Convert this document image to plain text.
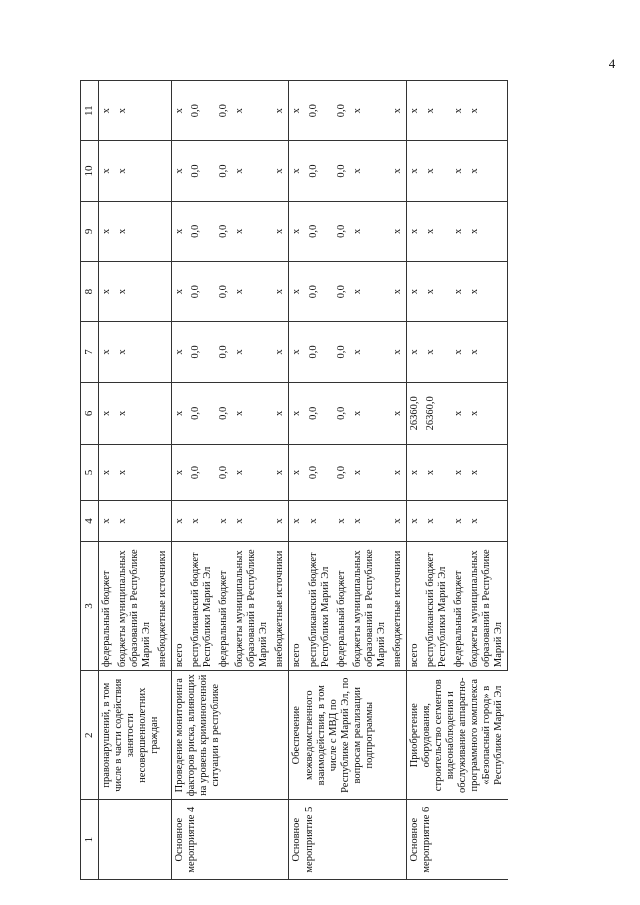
4
1	2	3	4	5	6	7	8	9	10	11
	правонарушений, в том числе в части содействия занятости несовершеннолетних граждан	федеральный бюджет	x	x	x	x	x	x	x	x
		бюджеты муниципальных образований в Республике Марий Эл	x	x	x	x	x	x	x	x
		внебюджетные источники								
Основное мероприятие 4	Проведение мониторинга факторов риска, влияющих на уровень криминогенной ситуации в республике	всего	x	x	x	x	x	x	x	x
		республиканский бюджет Республики Марий Эл	x	0,0	0,0	0,0	0,0	0,0	0,0	0,0
		федеральный бюджет	x	0,0	0,0	0,0	0,0	0,0	0,0	0,0
		бюджеты муниципальных образований в Республике Марий Эл	x	x	x	x	x	x	x	x
		внебюджетные источники	x	x	x	x	x	x	x	x
Основное мероприятие 5	Обеспечение межведомственного взаимодействия, в том числе с МВД по Республике Марий Эл, по вопросам реализации подпрограммы	всего	x	x	x	x	x	x	x	x
		республиканский бюджет Республики Марий Эл	x	0,0	0,0	0,0	0,0	0,0	0,0	0,0
		федеральный бюджет	x	0,0	0,0	0,0	0,0	0,0	0,0	0,0
		бюджеты муниципальных образований в Республике Марий Эл	x	x	x	x	x	x	x	x
		внебюджетные источники	x	x	x	x	x	x	x	x
Основное мероприятие 6	Приобретение оборудования, строительство сегментов видеонаблюдения и обслуживание аппаратно-программного комплекса «Безопасный город» в Республике Марий Эл	всего	x	x	26360,0	x	x	x	x	x
		республиканский бюджет Республики Марий Эл	x	x	26360,0	x	x	x	x	x
		федеральный бюджет	x	x	x	x	x	x	x	x
		бюджеты муниципальных образований в Республике Марий Эл	x	x	x	x	x	x	x	x
